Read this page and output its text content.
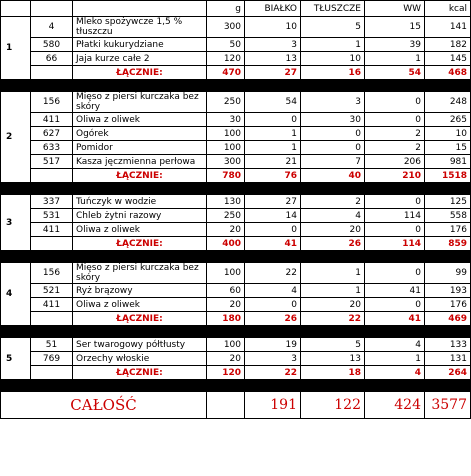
			g	BIAŁKO	TŁUSZCZE	WW	kcal
1	4	Mleko spożywcze 1,5 % tłuszczu	300	10	5	15	141
	580	Płatki kukurydziane	50	3	1	39	182
	66	Jaja kurze całe 2	120	13	10	1	145
		ŁĄCZNIE:	470	27	16	54	468

2	156	Mięso z piersi kurczaka bez skóry	250	54	3	0	248
	411	Oliwa z oliwek	30	0	30	0	265
	627	Ogórek	100	1	0	2	10
	633	Pomidor	100	1	0	2	15
	517	Kasza jęczmienna perłowa	300	21	7	206	981
		ŁĄCZNIE:	780	76	40	210	1518

3	337	Tuńczyk w wodzie	130	27	2	0	125
	531	Chleb żytni razowy	250	14	4	114	558
	411	Oliwa z oliwek	20	0	20	0	176
		ŁĄCZNIE:	400	41	26	114	859

4	156	Mięso z piersi kurczaka bez skóry	100	22	1	0	99
	521	Ryż brązowy	60	4	1	41	193
	411	Oliwa z oliwek	20	0	20	0	176
		ŁĄCZNIE:	180	26	22	41	469

5	51	Ser twarogowy półtłusty	100	19	5	4	133
	769	Orzechy włoskie	20	3	13	1	131
		ŁĄCZNIE:	120	22	18	4	264

CAŁOŚĆ				191	122	424	3577
